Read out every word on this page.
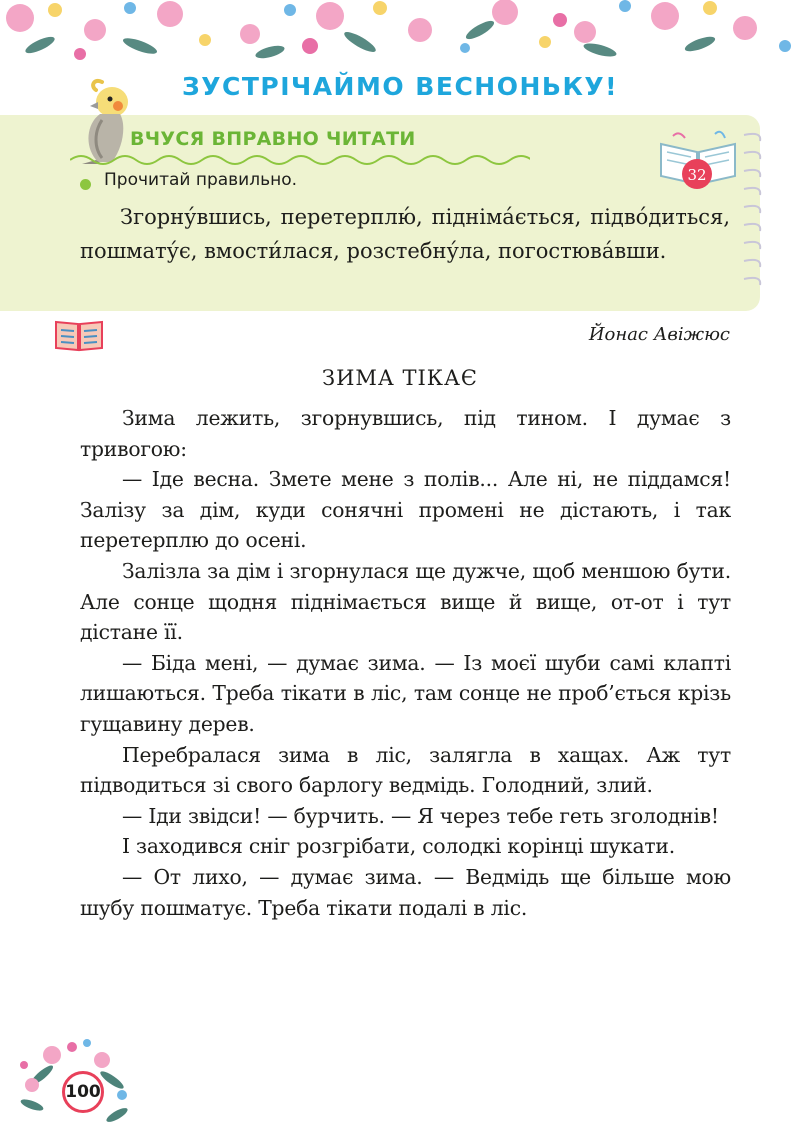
ЗУСТРІЧАЙМО ВЕСНОНЬКУ!
ВЧУСЯ ВПРАВНО ЧИТАТИ
32
Прочитай правильно.
Згорну́вшись, перетерплю́, підніма́ється, підво́диться, пошмату́є, вмости́лася, розстебну́ла, погостюва́вши.
Йонас Авіжюс
ЗИМА ТІКАЄ

Зима лежить, згорнувшись, під тином. І думає з тривогою:

— Іде весна. Змете мене з полів... Але ні, не піддамся! Залізу за дім, куди сонячні промені не дістають, і так перетерплю до осені.

Залізла за дім і згорнулася ще дужче, щоб меншою бути. Але сонце щодня піднімається вище й вище, от-от і тут дістане її.

— Біда мені, — думає зима. — Із моєї шуби самі клапті лишаються. Треба тікати в ліс, там сонце не проб’ється крізь гущавину дерев.

Перебралася зима в ліс, залягла в хащах. Аж тут підводиться зі свого барлогу ведмідь. Голодний, злий.

— Іди звідси! — бурчить. — Я через тебе геть зголоднів!

І заходився сніг розгрібати, солодкі корінці шукати.

— От лихо, — думає зима. — Ведмідь ще більше мою шубу пошматує. Треба тікати подалі в ліс.

100
